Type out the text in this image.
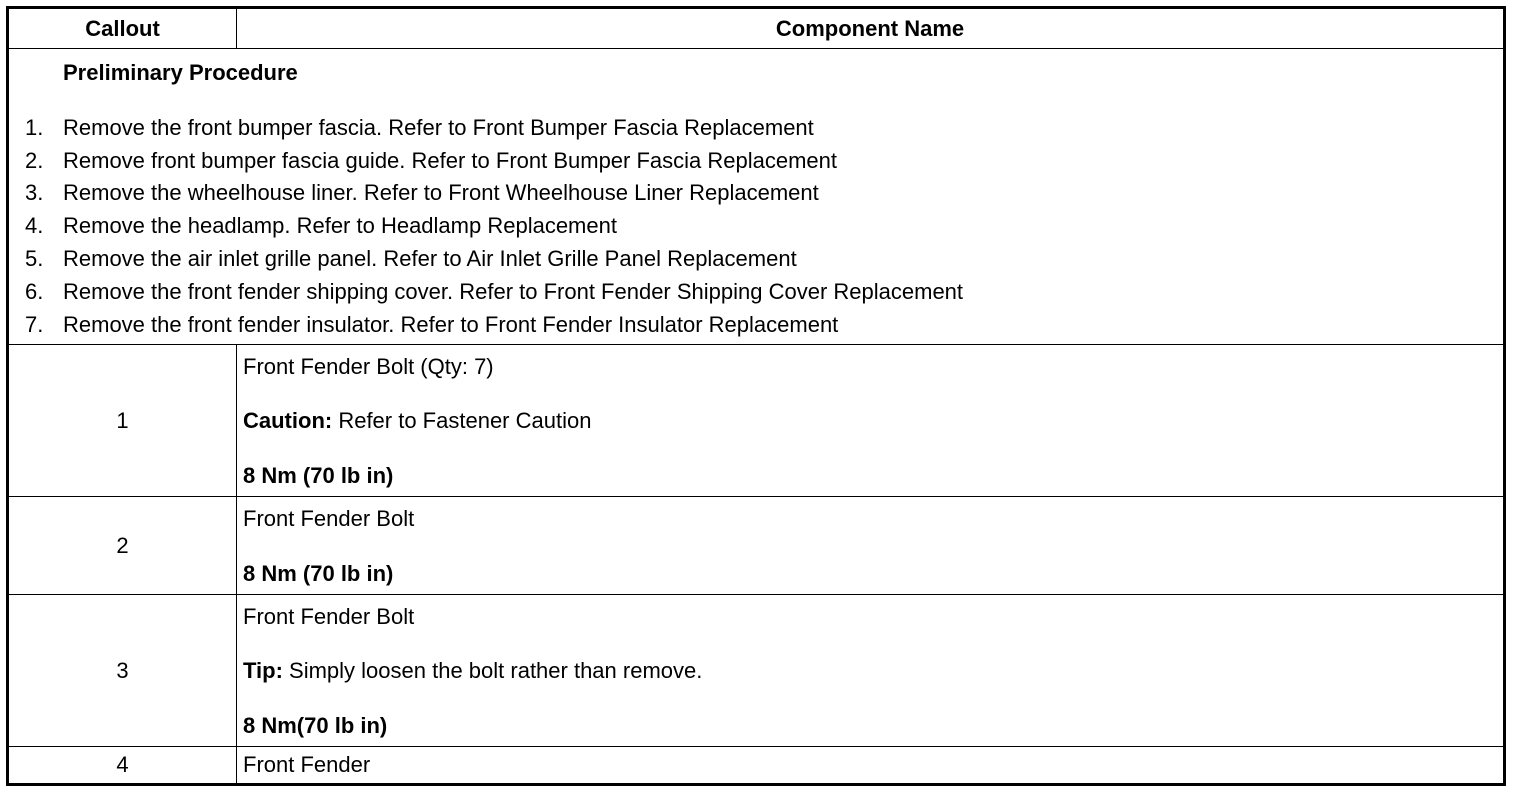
Callout	Component Name
Preliminary Procedure
1. Remove the front bumper fascia. Refer to Front Bumper Fascia Replacement
2. Remove front bumper fascia guide. Refer to Front Bumper Fascia Replacement
3. Remove the wheelhouse liner. Refer to Front Wheelhouse Liner Replacement
4. Remove the headlamp. Refer to Headlamp Replacement
5. Remove the air inlet grille panel. Refer to Air Inlet Grille Panel Replacement
6. Remove the front fender shipping cover. Refer to Front Fender Shipping Cover Replacement
7. Remove the front fender insulator. Refer to Front Fender Insulator Replacement
1
Front Fender Bolt (Qty: 7)
Caution: Refer to Fastener Caution
8 Nm (70 lb in)
2
Front Fender Bolt
8 Nm (70 lb in)
3
Front Fender Bolt
Tip: Simply loosen the bolt rather than remove.
8 Nm(70 lb in)
4	Front Fender
